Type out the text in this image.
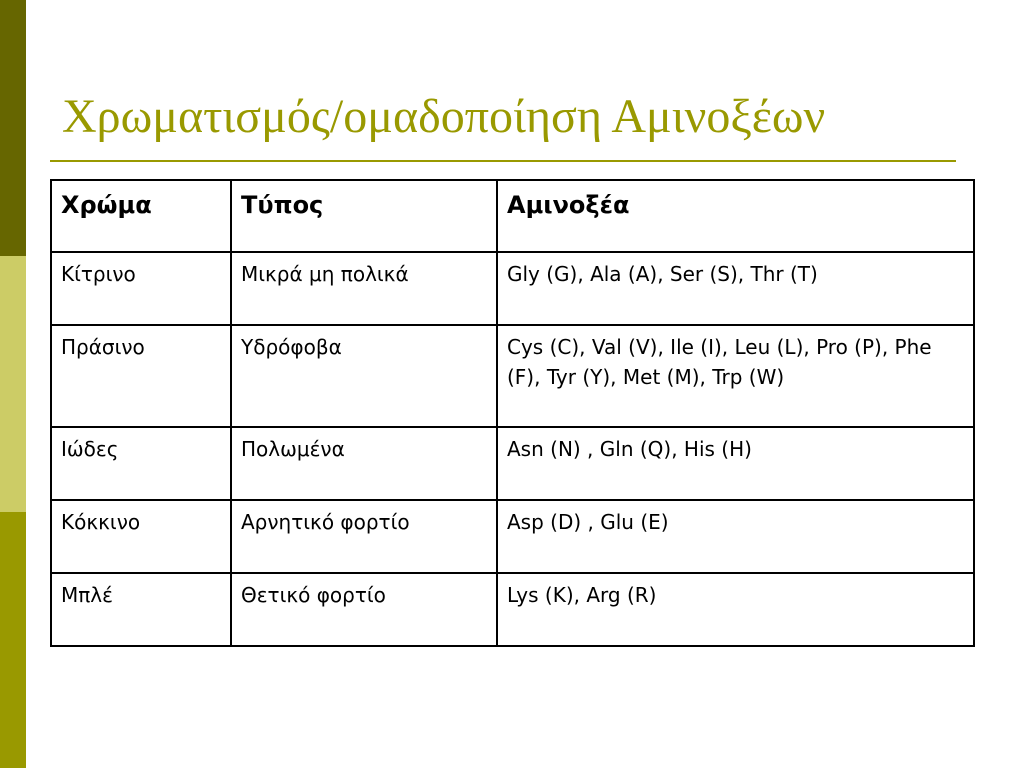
Χρωματισμός/ομαδοποίηση Αμινοξέων
Χρώμα	Τύπος	Αμινοξέα
Κίτρινο	Μικρά μη πολικά	Gly (G), Ala (A), Ser (S), Thr (T)
Πράσινο	Υδρόφοβα	Cys (C), Val (V), Ile (I), Leu (L), Pro (P), Phe (F), Tyr (Y), Met (M), Trp (W)
Ιώδες	Πολωμένα	Asn (N) , Gln (Q), His (H)
Κόκκινο	Αρνητικό φορτίο	Asp (D) , Glu (E)
Μπλέ	Θετικό φορτίο	Lys (K), Arg (R)
